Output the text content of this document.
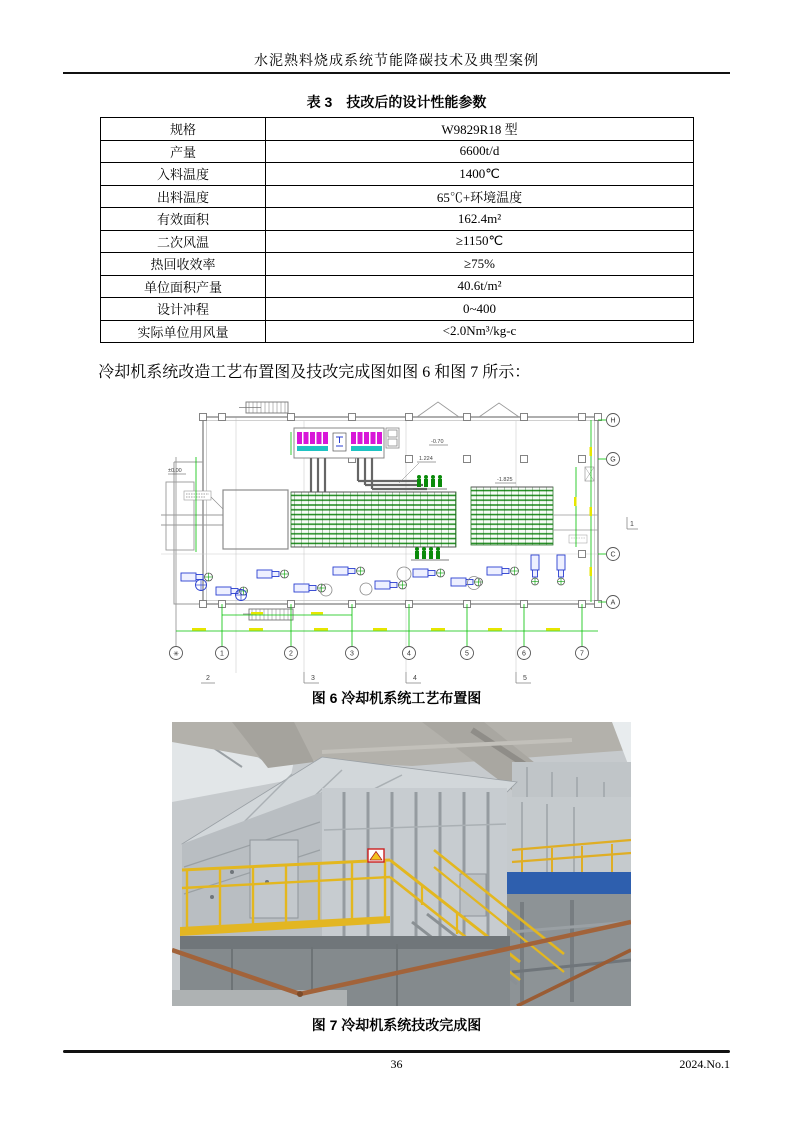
水泥熟料烧成系统节能降碳技术及典型案例
表 3　技改后的设计性能参数
规格	W9829R18 型
产量	6600t/d
入料温度	1400℃
出料温度	65℃+环境温度
有效面积	162.4m²
二次风温	≥1150℃
热回收效率	≥75%
单位面积产量	40.6t/m²
设计冲程	0~400
实际单位用风量	<2.0Nm³/kg-c
冷却机系统改造工艺布置图及技改完成图如图 6 和图 7 所示：
✳	1	2	3	4	5	6	7
H
G
C
A
±0.00
-0.70
1.224
-1.825
2	3	4	5
1
图 6 冷却机系统工艺布置图
图 7 冷却机系统技改完成图
36	2024.No.1
